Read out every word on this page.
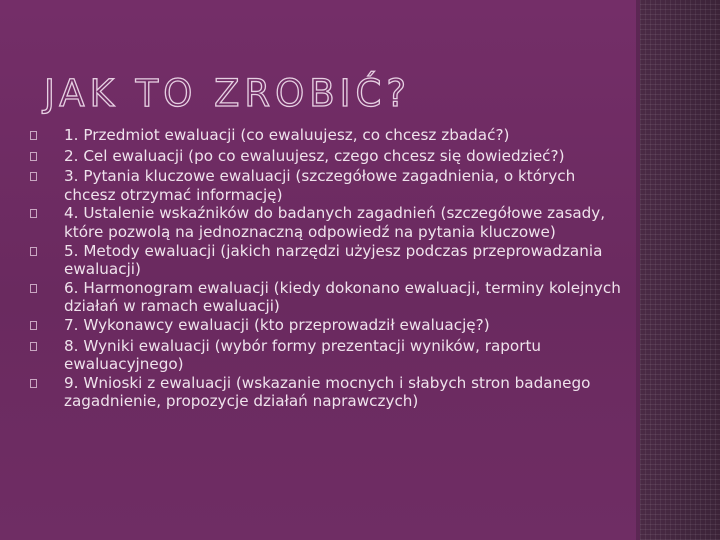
JAK TO ZROBIĆ?
1. Przedmiot ewaluacji (co ewaluujesz, co chcesz zbadać?)
2. Cel ewaluacji (po co ewaluujesz, czego chcesz się dowiedzieć?)
3. Pytania kluczowe ewaluacji (szczegółowe zagadnienia, o których chcesz otrzymać informację)
4. Ustalenie wskaźników do badanych zagadnień (szczegółowe zasady, które pozwolą na jednoznaczną odpowiedź na pytania kluczowe)
5. Metody ewaluacji (jakich narzędzi użyjesz podczas przeprowadzania ewaluacji)
6. Harmonogram ewaluacji (kiedy dokonano ewaluacji, terminy kolejnych działań w ramach ewaluacji)
7. Wykonawcy ewaluacji (kto przeprowadził ewaluację?)
8. Wyniki ewaluacji (wybór formy prezentacji wyników, raportu ewaluacyjnego)
9. Wnioski z ewaluacji (wskazanie mocnych i słabych stron badanego zagadnienie, propozycje działań naprawczych)
